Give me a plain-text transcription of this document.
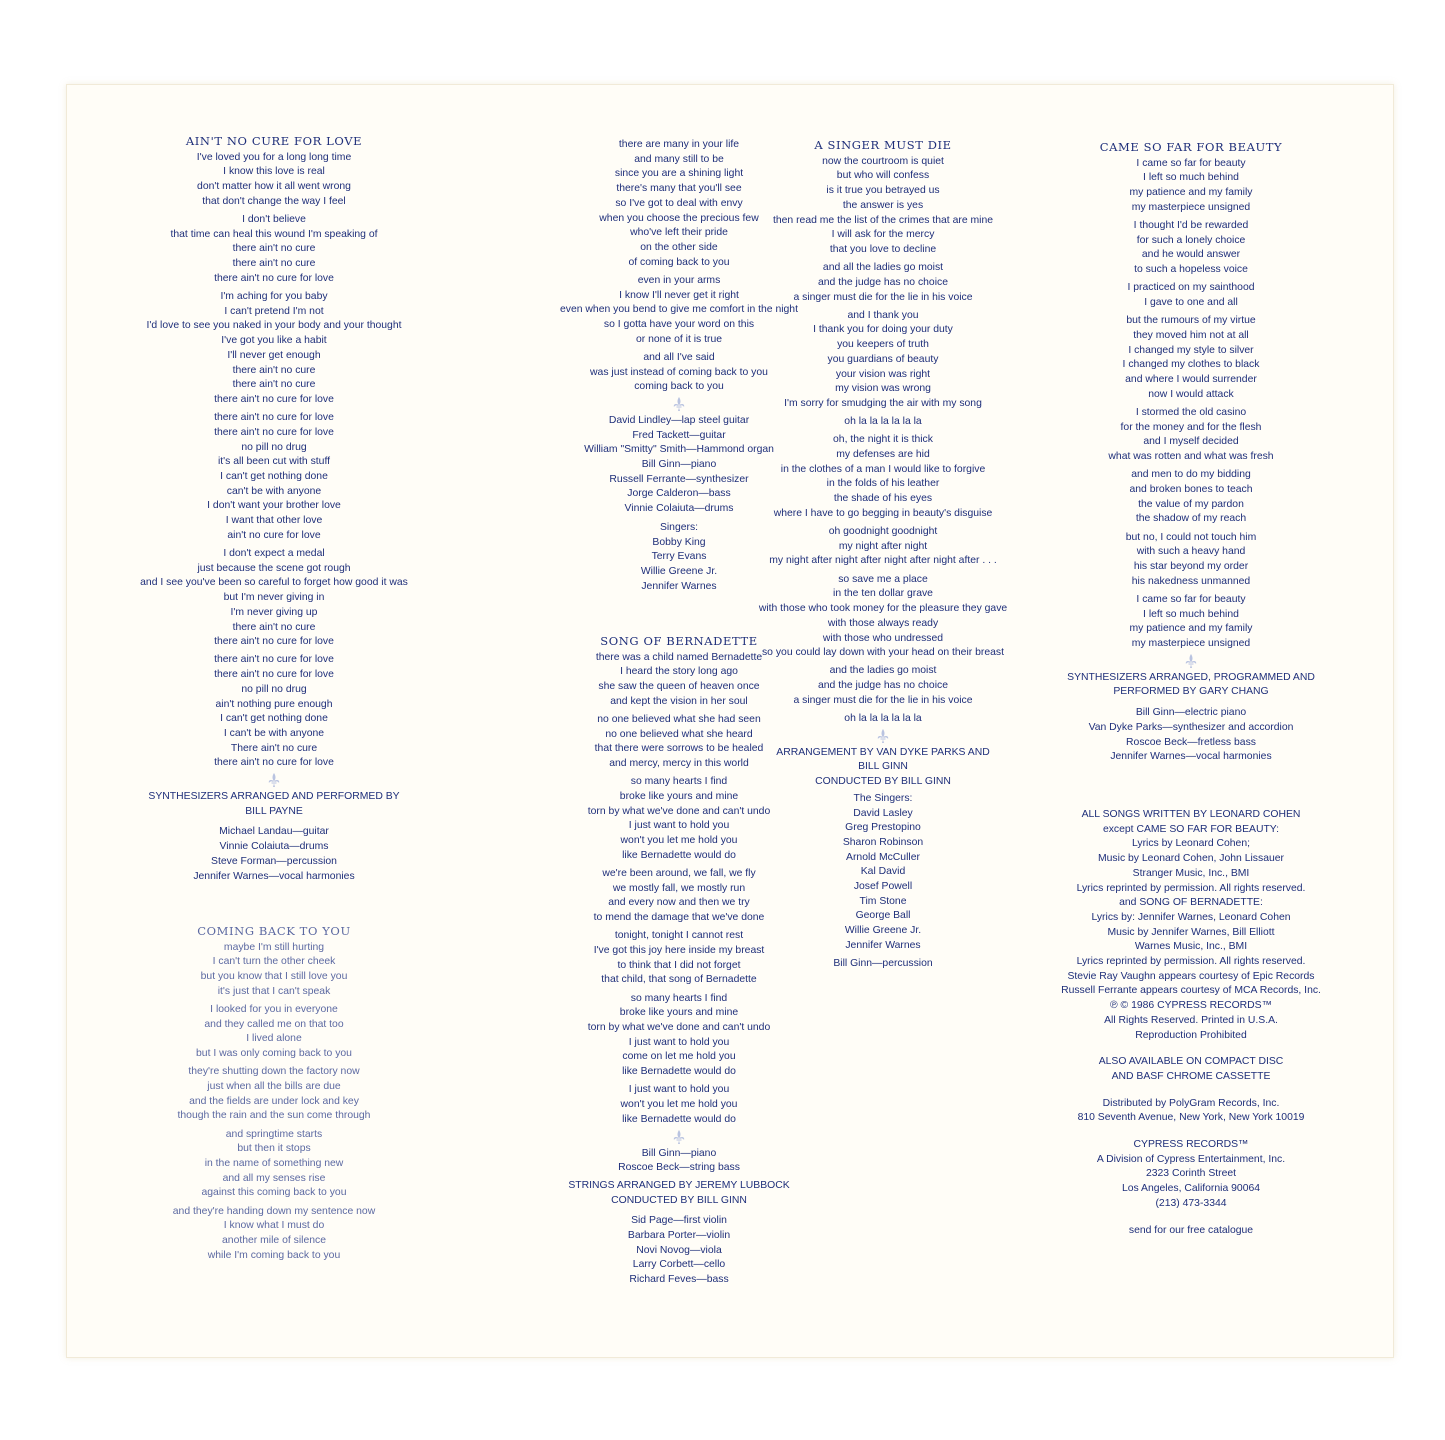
AIN'T NO CURE FOR LOVE
I've loved you for a long long time
I know this love is real
don't matter how it all went wrong
that don't change the way I feel
I don't believe
that time can heal this wound I'm speaking of
there ain't no cure
there ain't no cure
there ain't no cure for love
I'm aching for you baby
I can't pretend I'm not
I'd love to see you naked in your body and your thought
I've got you like a habit
I'll never get enough
there ain't no cure
there ain't no cure
there ain't no cure for love
there ain't no cure for love
there ain't no cure for love
no pill no drug
it's all been cut with stuff
I can't get nothing done
can't be with anyone
I don't want your brother love
I want that other love
ain't no cure for love
I don't expect a medal
just because the scene got rough
and I see you've been so careful to forget how good it was
but I'm never giving in
I'm never giving up
there ain't no cure
there ain't no cure for love
there ain't no cure for love
there ain't no cure for love
no pill no drug
ain't nothing pure enough
I can't get nothing done
I can't be with anyone
There ain't no cure
there ain't no cure for love
SYNTHESIZERS ARRANGED AND PERFORMED BY
BILL PAYNE
Michael Landau—guitar
Vinnie Colaiuta—drums
Steve Forman—percussion
Jennifer Warnes—vocal harmonies
COMING BACK TO YOU
maybe I'm still hurting
I can't turn the other cheek
but you know that I still love you
it's just that I can't speak
I looked for you in everyone
and they called me on that too
I lived alone
but I was only coming back to you
they're shutting down the factory now
just when all the bills are due
and the fields are under lock and key
though the rain and the sun come through
and springtime starts
but then it stops
in the name of something new
and all my senses rise
against this coming back to you
and they're handing down my sentence now
I know what I must do
another mile of silence
while I'm coming back to you
there are many in your life
and many still to be
since you are a shining light
there's many that you'll see
so I've got to deal with envy
when you choose the precious few
who've left their pride
on the other side
of coming back to you
even in your arms
I know I'll never get it right
even when you bend to give me comfort in the night
so I gotta have your word on this
or none of it is true
and all I've said
was just instead of coming back to you
coming back to you
David Lindley—lap steel guitar
Fred Tackett—guitar
William "Smitty" Smith—Hammond organ
Bill Ginn—piano
Russell Ferrante—synthesizer
Jorge Calderon—bass
Vinnie Colaiuta—drums
Singers:
Bobby King
Terry Evans
Willie Greene Jr.
Jennifer Warnes
SONG OF BERNADETTE
there was a child named Bernadette
I heard the story long ago
she saw the queen of heaven once
and kept the vision in her soul
no one believed what she had seen
no one believed what she heard
that there were sorrows to be healed
and mercy, mercy in this world
so many hearts I find
broke like yours and mine
torn by what we've done and can't undo
I just want to hold you
won't you let me hold you
like Bernadette would do
we're been around, we fall, we fly
we mostly fall, we mostly run
and every now and then we try
to mend the damage that we've done
tonight, tonight I cannot rest
I've got this joy here inside my breast
to think that I did not forget
that child, that song of Bernadette
so many hearts I find
broke like yours and mine
torn by what we've done and can't undo
I just want to hold you
come on let me hold you
like Bernadette would do
I just want to hold you
won't you let me hold you
like Bernadette would do
Bill Ginn—piano
Roscoe Beck—string bass
STRINGS ARRANGED BY JEREMY LUBBOCK
CONDUCTED BY BILL GINN
Sid Page—first violin
Barbara Porter—violin
Novi Novog—viola
Larry Corbett—cello
Richard Feves—bass
A SINGER MUST DIE
now the courtroom is quiet
but who will confess
is it true you betrayed us
the answer is yes
then read me the list of the crimes that are mine
I will ask for the mercy
that you love to decline
and all the ladies go moist
and the judge has no choice
a singer must die for the lie in his voice
and I thank you
I thank you for doing your duty
you keepers of truth
you guardians of beauty
your vision was right
my vision was wrong
I'm sorry for smudging the air with my song
oh la la la la la la
oh, the night it is thick
my defenses are hid
in the clothes of a man I would like to forgive
in the folds of his leather
the shade of his eyes
where I have to go begging in beauty's disguise
oh goodnight goodnight
my night after night
my night after night after night after night after . . .
so save me a place
in the ten dollar grave
with those who took money for the pleasure they gave
with those always ready
with those who undressed
so you could lay down with your head on their breast
and the ladies go moist
and the judge has no choice
a singer must die for the lie in his voice
oh la la la la la la
ARRANGEMENT BY VAN DYKE PARKS AND
BILL GINN
CONDUCTED BY BILL GINN
The Singers:
David Lasley
Greg Prestopino
Sharon Robinson
Arnold McCuller
Kal David
Josef Powell
Tim Stone
George Ball
Willie Greene Jr.
Jennifer Warnes
Bill Ginn—percussion
CAME SO FAR FOR BEAUTY
I came so far for beauty
I left so much behind
my patience and my family
my masterpiece unsigned
I thought I'd be rewarded
for such a lonely choice
and he would answer
to such a hopeless voice
I practiced on my sainthood
I gave to one and all
but the rumours of my virtue
they moved him not at all
I changed my style to silver
I changed my clothes to black
and where I would surrender
now I would attack
I stormed the old casino
for the money and for the flesh
and I myself decided
what was rotten and what was fresh
and men to do my bidding
and broken bones to teach
the value of my pardon
the shadow of my reach
but no, I could not touch him
with such a heavy hand
his star beyond my order
his nakedness unmanned
I came so far for beauty
I left so much behind
my patience and my family
my masterpiece unsigned
SYNTHESIZERS ARRANGED, PROGRAMMED AND
PERFORMED BY GARY CHANG
Bill Ginn—electric piano
Van Dyke Parks—synthesizer and accordion
Roscoe Beck—fretless bass
Jennifer Warnes—vocal harmonies
ALL SONGS WRITTEN BY LEONARD COHEN
except CAME SO FAR FOR BEAUTY:
Lyrics by Leonard Cohen;
Music by Leonard Cohen, John Lissauer
Stranger Music, Inc., BMI
Lyrics reprinted by permission. All rights reserved.
and SONG OF BERNADETTE:
Lyrics by: Jennifer Warnes, Leonard Cohen
Music by Jennifer Warnes, Bill Elliott
Warnes Music, Inc., BMI
Lyrics reprinted by permission. All rights reserved.
Stevie Ray Vaughn appears courtesy of Epic Records
Russell Ferrante appears courtesy of MCA Records, Inc.
℗ © 1986 CYPRESS RECORDS™
All Rights Reserved. Printed in U.S.A.
Reproduction Prohibited
ALSO AVAILABLE ON COMPACT DISC
AND BASF CHROME CASSETTE
Distributed by PolyGram Records, Inc.
810 Seventh Avenue, New York, New York 10019
CYPRESS RECORDS™
A Division of Cypress Entertainment, Inc.
2323 Corinth Street
Los Angeles, California 90064
(213) 473-3344
send for our free catalogue
